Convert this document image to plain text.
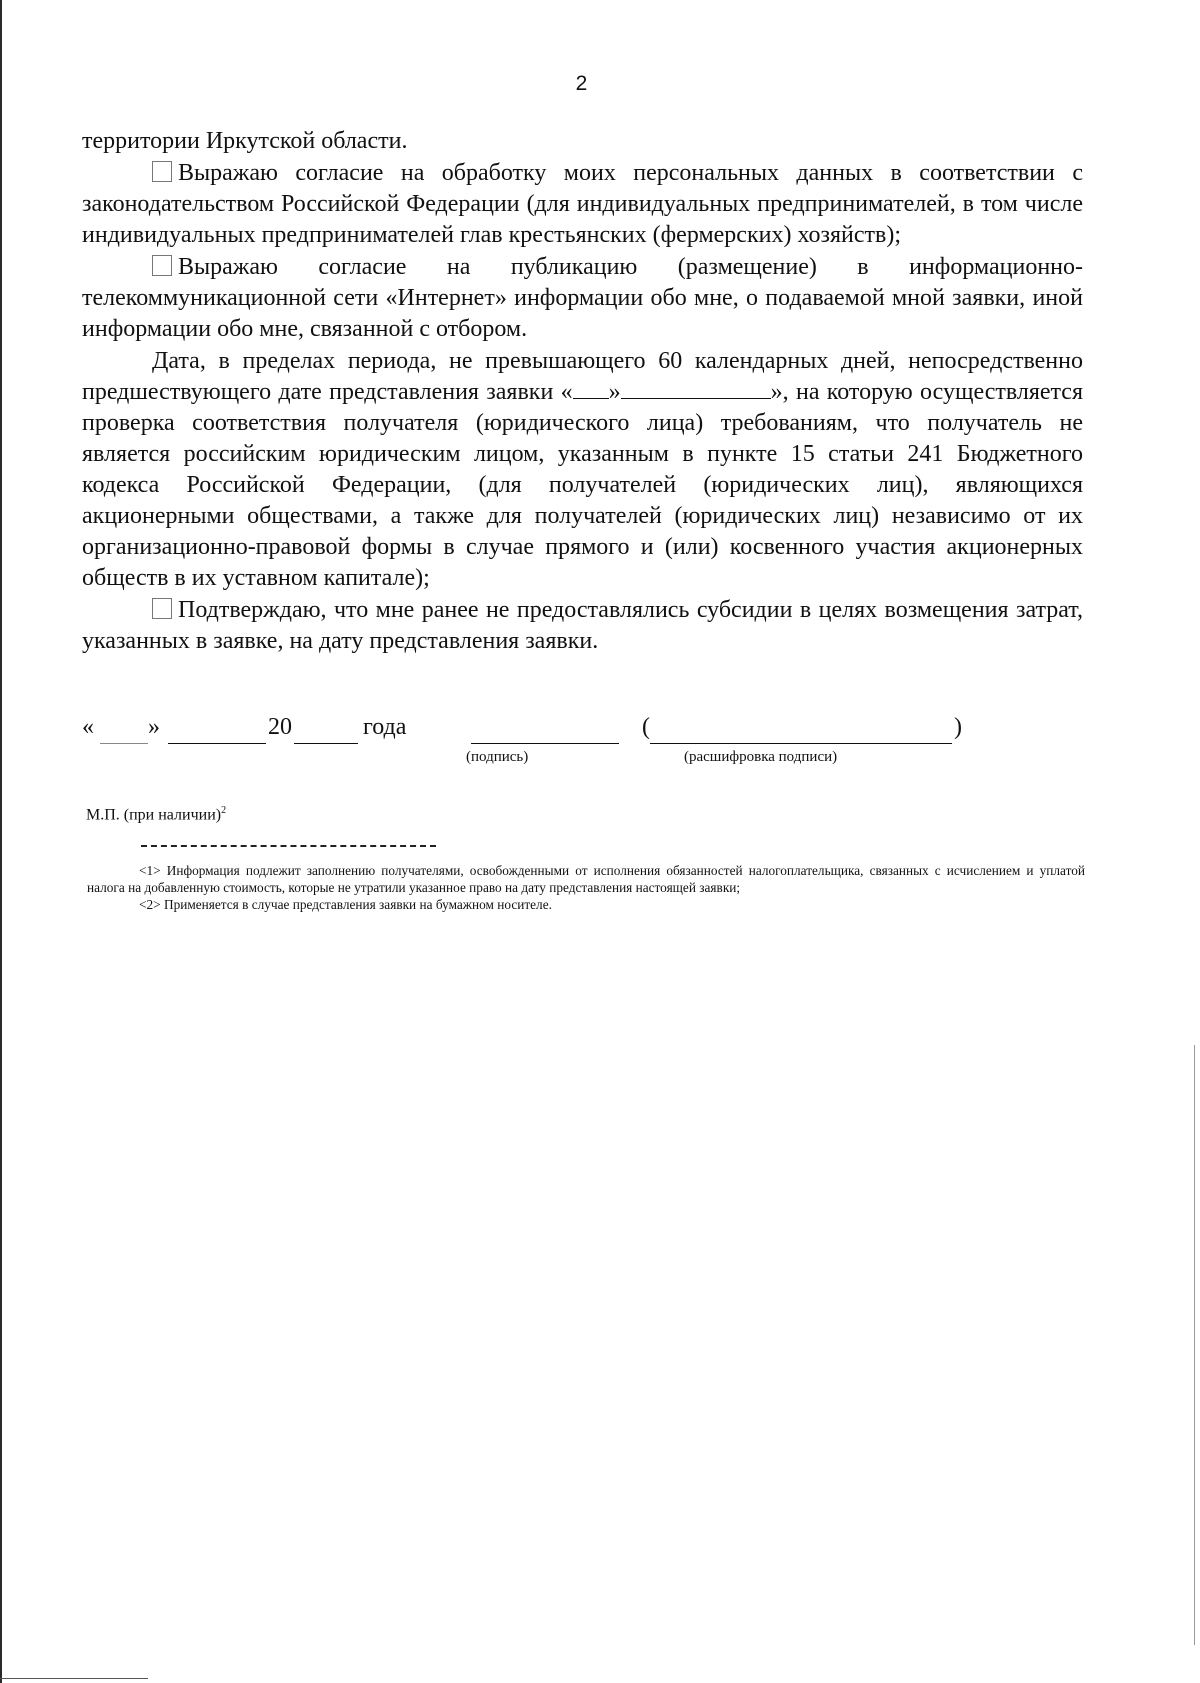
2

территории Иркутской области.

Выражаю согласие на обработку моих персональных данных в соответствии с законодательством Российской Федерации (для индивидуальных предпринимателей, в том числе индивидуальных предпринимателей глав крестьянских (фермерских) хозяйств);

Выражаю согласие на публикацию (размещение) в информационно-телекоммуникационной сети «Интернет» информации обо мне, о подаваемой мной заявки, иной информации обо мне, связанной с отбором.

Дата, в пределах периода, не превышающего 60 календарных дней, непосредственно предшествующего дате представления заявки « »	», на которую осуществляется проверка соответствия получателя (юридического лица) требованиям, что получатель не является российским юридическим лицом, указанным в пункте 15 статьи 241 Бюджетного кодекса Российской Федерации, (для получателей (юридических лиц), являющихся акционерными обществами, а также для получателей (юридических лиц) независимо от их организационно-правовой формы в случае прямого и (или) косвенного участия акционерных обществ в их уставном капитале);

Подтверждаю, что мне ранее не предоставлялись субсидии в целях возмещения затрат, указанных в заявке, на дату представления заявки.

« »	20	года	(	)
(подпись)	(расшифровка подписи)
М.П. (при наличии)$^2$

<1> Информация подлежит заполнению получателями, освобожденными от исполнения обязанностей налогоплательщика, связанных с исчислением и уплатой налога на добавленную стоимость, которые не утратили указанное право на дату представления настоящей заявки;

<2> Применяется в случае представления заявки на бумажном носителе.
